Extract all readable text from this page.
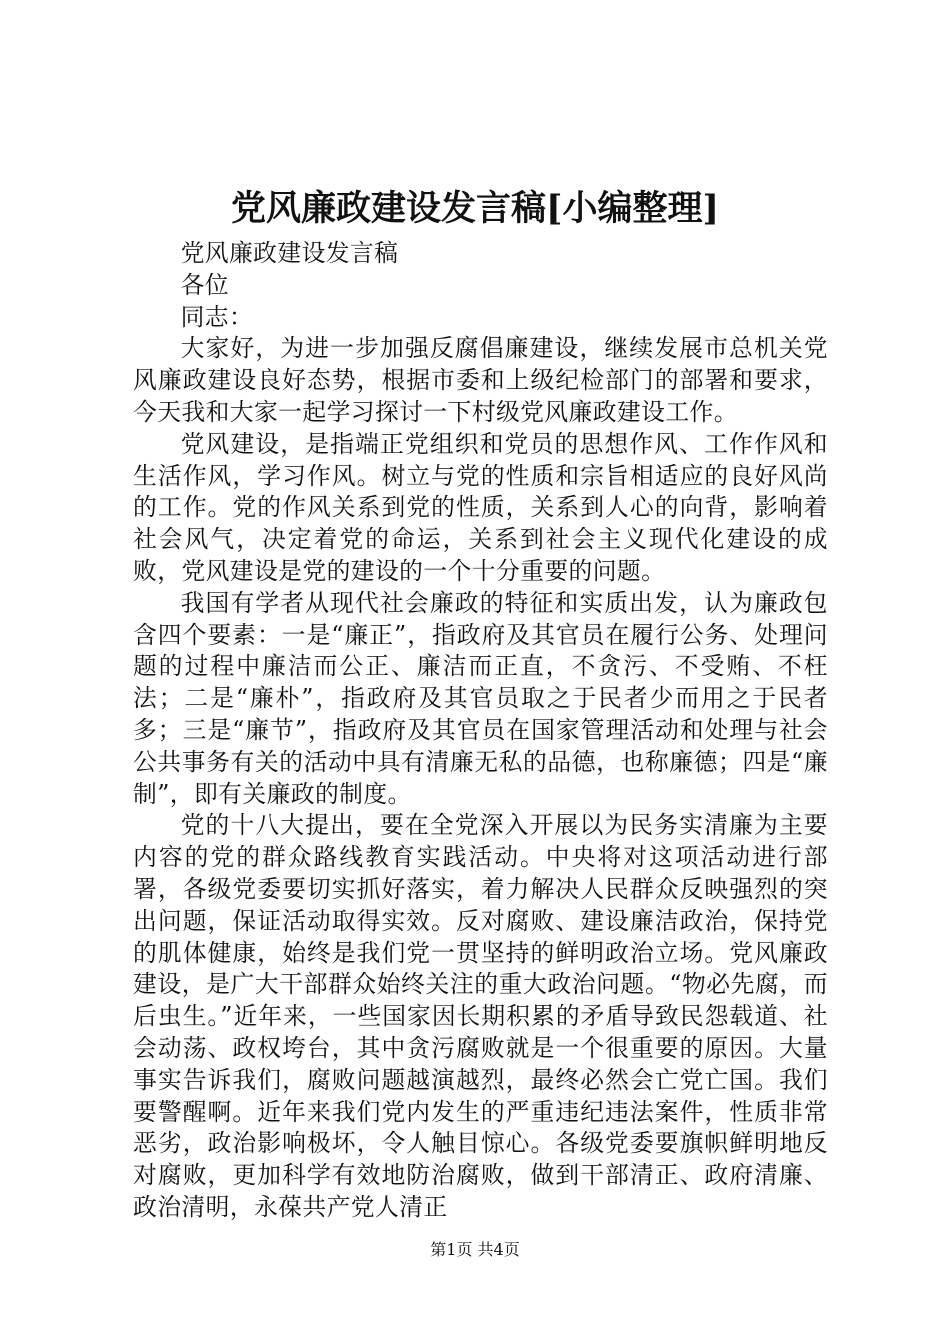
党风廉政建设发言稿[小编整理]

党风廉政建设发言稿

各位

同志：

大家好，为进一步加强反腐倡廉建设，继续发展市总机关党风廉政建设良好态势，根据市委和上级纪检部门的部署和要求，今天我和大家一起学习探讨一下村级党风廉政建设工作。

党风建设，是指端正党组织和党员的思想作风、工作作风和生活作风，学习作风。树立与党的性质和宗旨相适应的良好风尚的工作。党的作风关系到党的性质，关系到人心的向背，影响着社会风气，决定着党的命运，关系到社会主义现代化建设的成败，党风建设是党的建设的一个十分重要的问题。

我国有学者从现代社会廉政的特征和实质出发，认为廉政包含四个要素：一是“廉正”，指政府及其官员在履行公务、处理问题的过程中廉洁而公正、廉洁而正直，不贪污、不受贿、不枉法；二是“廉朴”，指政府及其官员取之于民者少而用之于民者多；三是“廉节”，指政府及其官员在国家管理活动和处理与社会公共事务有关的活动中具有清廉无私的品德，也称廉德；四是“廉制”，即有关廉政的制度。

党的十八大提出，要在全党深入开展以为民务实清廉为主要内容的党的群众路线教育实践活动。中央将对这项活动进行部署，各级党委要切实抓好落实，着力解决人民群众反映强烈的突出问题，保证活动取得实效。反对腐败、建设廉洁政治，保持党的肌体健康，始终是我们党一贯坚持的鲜明政治立场。党风廉政建设，是广大干部群众始终关注的重大政治问题。“物必先腐，而后虫生。”近年来，一些国家因长期积累的矛盾导致民怨载道、社会动荡、政权垮台，其中贪污腐败就是一个很重要的原因。大量事实告诉我们，腐败问题越演越烈，最终必然会亡党亡国。我们要警醒啊。近年来我们党内发生的严重违纪违法案件，性质非常恶劣，政治影响极坏，令人触目惊心。各级党委要旗帜鲜明地反对腐败，更加科学有效地防治腐败，做到干部清正、政府清廉、政治清明，永葆共产党人清正

第1页 共4页
